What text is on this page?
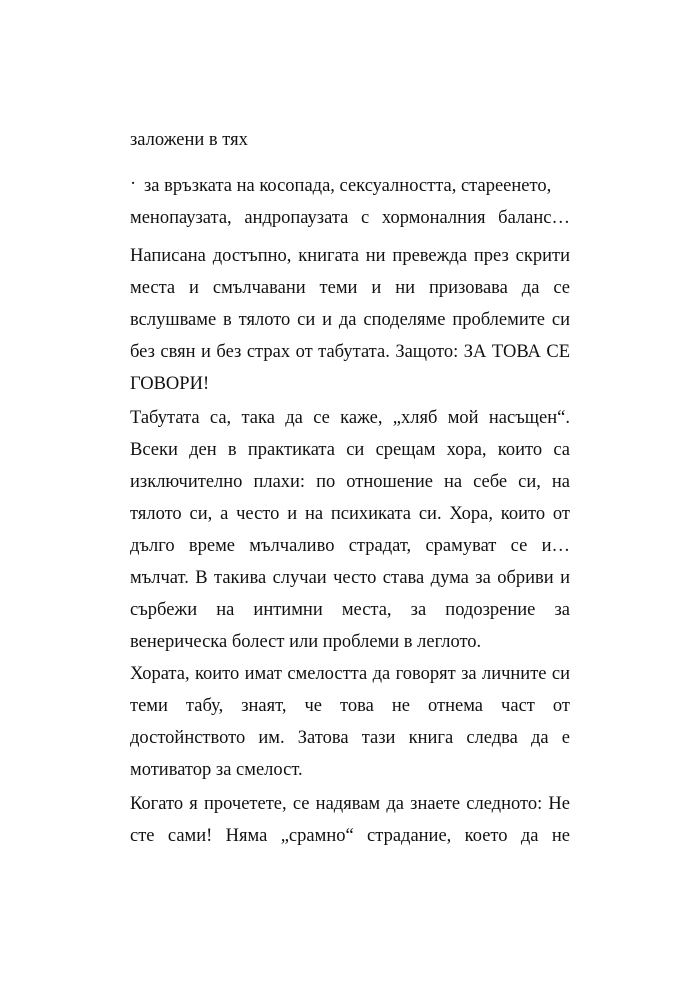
заложени в тях
· за връзката на косопада, сексуалността, стареенето,
менопаузата, андропаузата с хормоналния баланс…
Написана достъпно, книгата ни превежда през скрити
места и смълчавани теми и ни призовава да се
вслушваме в тялото си и да споделяме проблемите си
без свян и без страх от табутата. Защото: ЗА ТОВА СЕ
ГОВОРИ!
Табутата са, така да се каже, „хляб мой насъщен“.
Всеки ден в практиката си срещам хора, които са
изключително плахи: по отношение на себе си, на
тялото си, а често и на психиката си. Хора, които от
дълго време мълчаливо страдат, срамуват се и…
мълчат. В такива случаи често става дума за обриви и
сърбежи на интимни места, за подозрение за
венерическа болест или проблеми в леглото.
Хората, които имат смелостта да говорят за личните си
теми табу, знаят, че това не отнема част от
достойнството им. Затова тази книга следва да е
мотиватор за смелост.
Когато я прочетете, се надявам да знаете следното: Не
сте сами! Няма „срамно“ страдание, което да не
